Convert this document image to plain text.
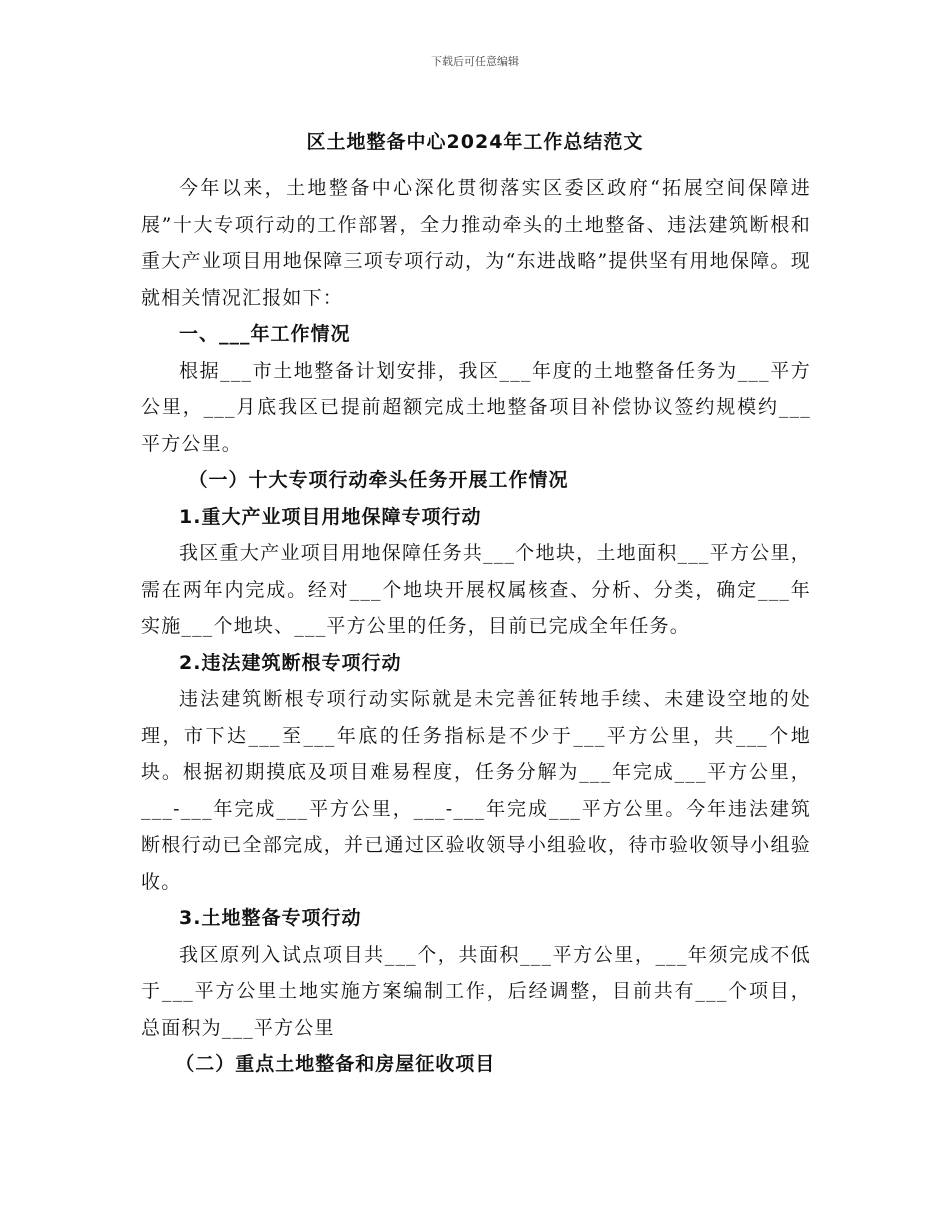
下载后可任意编辑
区土地整备中心2024年工作总结范文

今年以来，土地整备中心深化贯彻落实区委区政府“拓展空间保障进展”十大专项行动的工作部署，全力推动牵头的土地整备、违法建筑断根和重大产业项目用地保障三项专项行动，为“东进战略”提供坚有用地保障。现就相关情况汇报如下：

一、___年工作情况

根据___市土地整备计划安排，我区___年度的土地整备任务为___平方公里，___月底我区已提前超额完成土地整备项目补偿协议签约规模约___平方公里。

（一）十大专项行动牵头任务开展工作情况

1.重大产业项目用地保障专项行动

我区重大产业项目用地保障任务共___个地块，土地面积___平方公里，需在两年内完成。经对___个地块开展权属核查、分析、分类，确定___年实施___个地块、___平方公里的任务，目前已完成全年任务。

2.违法建筑断根专项行动

违法建筑断根专项行动实际就是未完善征转地手续、未建设空地的处理，市下达___至___年底的任务指标是不少于___平方公里，共___个地块。根据初期摸底及项目难易程度，任务分解为___年完成___平方公里，___-___年完成___平方公里，___-___年完成___平方公里。今年违法建筑断根行动已全部完成，并已通过区验收领导小组验收，待市验收领导小组验收。

3.土地整备专项行动

我区原列入试点项目共___个，共面积___平方公里，___年须完成不低于___平方公里土地实施方案编制工作，后经调整，目前共有___个项目，总面积为___平方公里

（二）重点土地整备和房屋征收项目
